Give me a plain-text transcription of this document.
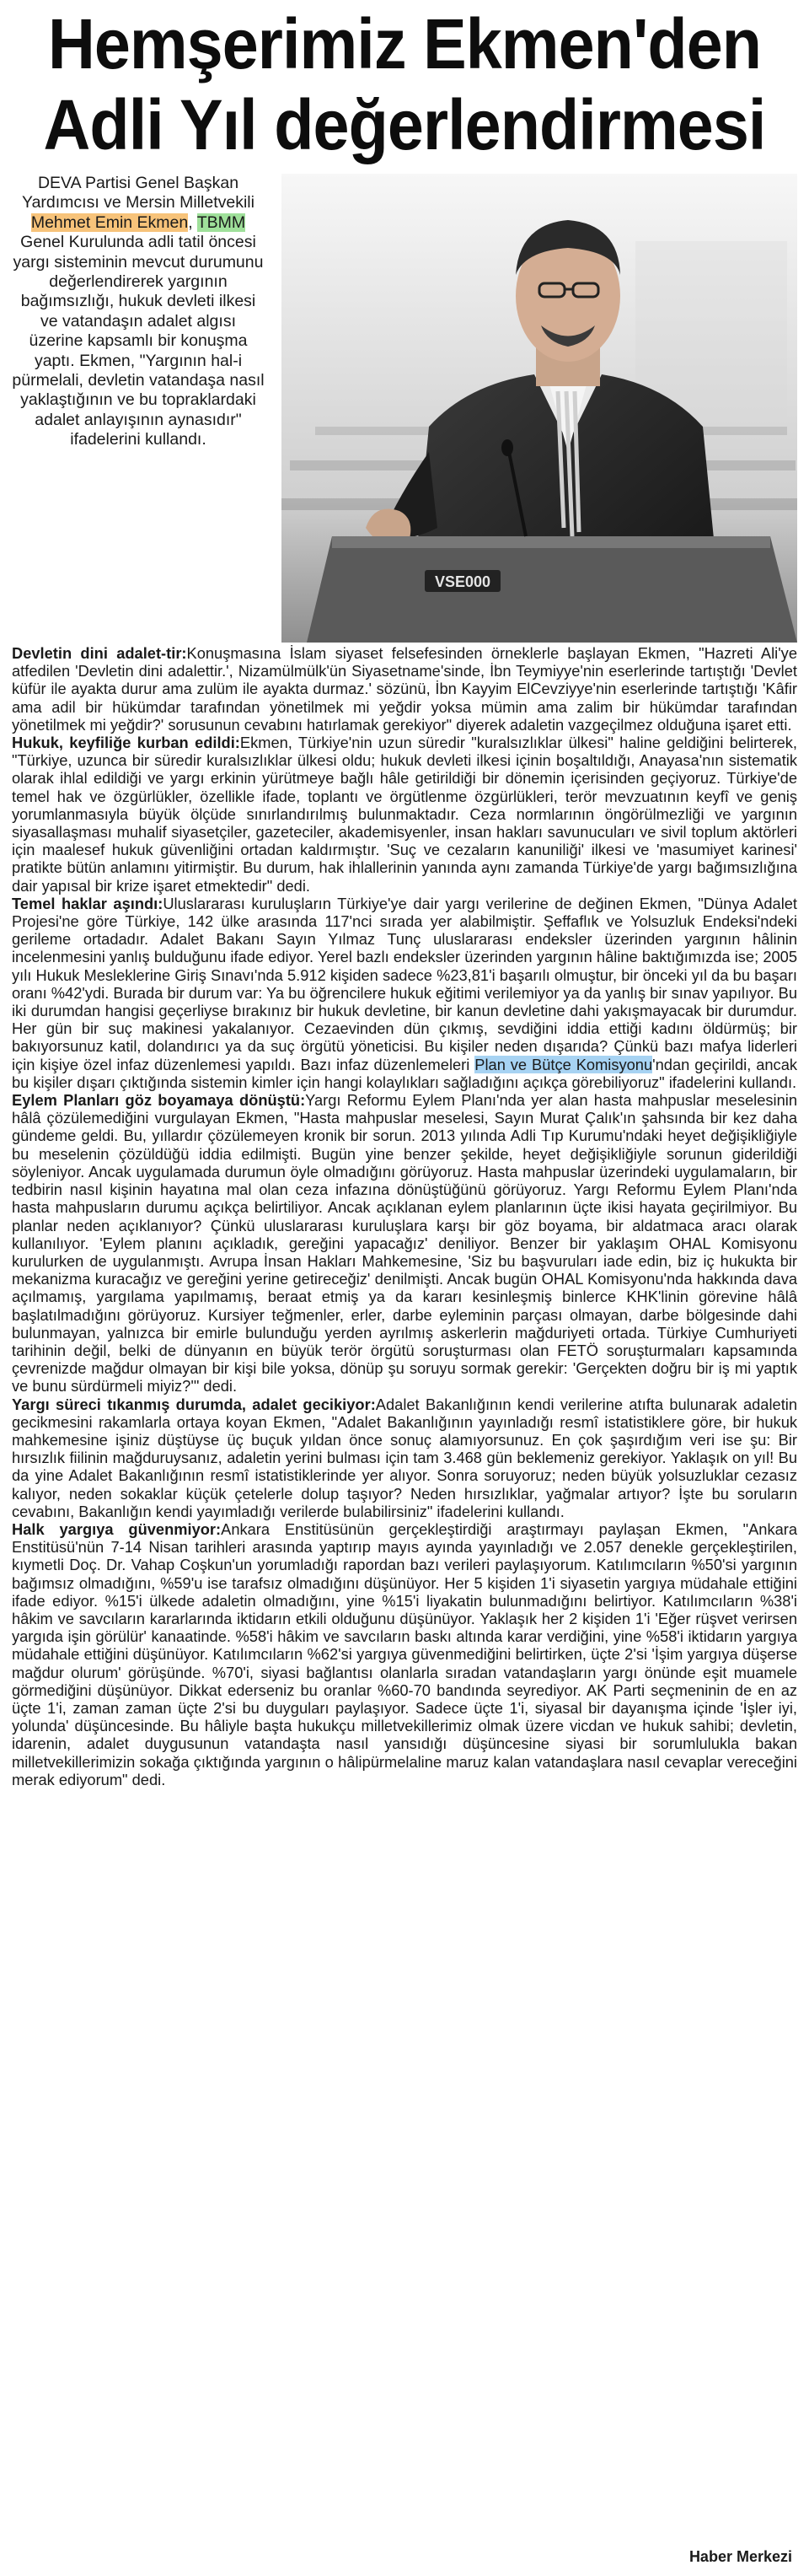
Hemşerimiz Ekmen'den
Adli Yıl değerlendirmesi

DEVA Partisi Genel Başkan Yardımcısı ve Mersin Milletvekili Mehmet Emin Ekmen, TBMM Genel Kurulunda adli tatil öncesi yargı sisteminin mevcut durumunu değerlendirerek yargının bağımsızlığı, hukuk devleti ilkesi ve vatandaşın adalet algısı üzerine kapsamlı bir konuşma yaptı. Ekmen, "Yargının hal-i pürmelali, devletin vatandaşa nasıl yaklaştığının ve bu topraklardaki adalet anlayışının aynasıdır" ifadelerini kullandı.

VSE000

Devletin dini adalet-tir:Konuşmasına İslam siyaset felsefesinden örneklerle başlayan Ekmen, "Hazreti Ali'ye atfedilen 'Devletin dini adalettir.', Nizamülmülk'ün Siyasetname'sinde, İbn Teymiyye'nin eserlerinde tartıştığı 'Devlet küfür ile ayakta durur ama zulüm ile ayakta durmaz.' sözünü, İbn Kayyim ElCevziyye'nin eserlerinde tartıştığı 'Kâfir ama adil bir hükümdar tarafından yönetilmek mi yeğdir yoksa mümin ama zalim bir hükümdar tarafından yönetilmek mi yeğdir?' sorusunun cevabını hatırlamak gerekiyor" diyerek adaletin vazgeçilmez olduğuna işaret etti.

Hukuk, keyfiliğe kurban edildi:Ekmen, Türkiye'nin uzun süredir "kuralsızlıklar ülkesi" haline geldiğini belirterek, "Türkiye, uzunca bir süredir kuralsızlıklar ülkesi oldu; hukuk devleti ilkesi içinin boşaltıldığı, Anayasa'nın sistematik olarak ihlal edildiği ve yargı erkinin yürütmeye bağlı hâle getirildiği bir dönemin içerisinden geçiyoruz. Türkiye'de temel hak ve özgürlükler, özellikle ifade, toplantı ve örgütlenme özgürlükleri, terör mevzuatının keyfî ve geniş yorumlanmasıyla büyük ölçüde sınırlandırılmış bulunmaktadır. Ceza normlarının öngörülmezliği ve yargının siyasallaşması muhalif siyasetçiler, gazeteciler, akademisyenler, insan hakları savunucuları ve sivil toplum aktörleri için maalesef hukuk güvenliğini ortadan kaldırmıştır. 'Suç ve cezaların kanuniliği' ilkesi ve 'masumiyet karinesi' pratikte bütün anlamını yitirmiştir. Bu durum, hak ihlallerinin yanında aynı zamanda Türkiye'de yargı bağımsızlığına dair yapısal bir krize işaret etmektedir" dedi.

Temel haklar aşındı:Uluslararası kuruluşların Türkiye'ye dair yargı verilerine de değinen Ekmen, "Dünya Adalet Projesi'ne göre Türkiye, 142 ülke arasında 117'nci sırada yer alabilmiştir. Şeffaflık ve Yolsuzluk Endeksi'ndeki gerileme ortadadır. Adalet Bakanı Sayın Yılmaz Tunç uluslararası endeksler üzerinden yargının hâlinin incelenmesini yanlış bulduğunu ifade ediyor. Yerel bazlı endeksler üzerinden yargının hâline baktığımızda ise; 2005 yılı Hukuk Mesleklerine Giriş Sınavı'nda 5.912 kişiden sadece %23,81'i başarılı olmuştur, bir önceki yıl da bu başarı oranı %42'ydi. Burada bir durum var: Ya bu öğrencilere hukuk eğitimi verilemiyor ya da yanlış bir sınav yapılıyor. Bu iki durumdan hangisi geçerliyse bırakınız bir hukuk devletine, bir kanun devletine dahi yakışmayacak bir durumdur. Her gün bir suç makinesi yakalanıyor. Cezaevinden dün çıkmış, sevdiğini iddia ettiği kadını öldürmüş; bir bakıyorsunuz katil, dolandırıcı ya da suç örgütü yöneticisi. Bu kişiler neden dışarıda? Çünkü bazı mafya liderleri için kişiye özel infaz düzenlemesi yapıldı. Bazı infaz düzenlemeleri Plan ve Bütçe Komisyonu'ndan geçirildi, ancak bu kişiler dışarı çıktığında sistemin kimler için hangi kolaylıkları sağladığını açıkça görebiliyoruz" ifadelerini kullandı.

Eylem Planları göz boyamaya dönüştü:Yargı Reformu Eylem Planı'nda yer alan hasta mahpuslar meselesinin hâlâ çözülemediğini vurgulayan Ekmen, "Hasta mahpuslar meselesi, Sayın Murat Çalık'ın şahsında bir kez daha gündeme geldi. Bu, yıllardır çözülemeyen kronik bir sorun. 2013 yılında Adli Tıp Kurumu'ndaki heyet değişikliğiyle bu meselenin çözüldüğü iddia edilmişti. Bugün yine benzer şekilde, heyet değişikliğiyle sorunun giderildiği söyleniyor. Ancak uygulamada durumun öyle olmadığını görüyoruz. Hasta mahpuslar üzerindeki uygulamaların, bir tedbirin nasıl kişinin hayatına mal olan ceza infazına dönüştüğünü görüyoruz. Yargı Reformu Eylem Planı'nda hasta mahpusların durumu açıkça belirtiliyor. Ancak açıklanan eylem planlarının üçte ikisi hayata geçirilmiyor. Bu planlar neden açıklanıyor? Çünkü uluslararası kuruluşlara karşı bir göz boyama, bir aldatmaca aracı olarak kullanılıyor. 'Eylem planını açıkladık, gereğini yapacağız' deniliyor. Benzer bir yaklaşım OHAL Komisyonu kurulurken de uygulanmıştı. Avrupa İnsan Hakları Mahkemesine, 'Siz bu başvuruları iade edin, biz iç hukukta bir mekanizma kuracağız ve gereğini yerine getireceğiz' denilmişti. Ancak bugün OHAL Komisyonu'nda hakkında dava açılmamış, yargılama yapılmamış, beraat etmiş ya da kararı kesinleşmiş binlerce KHK'linin görevine hâlâ başlatılmadığını görüyoruz. Kursiyer teğmenler, erler, darbe eyleminin parçası olmayan, darbe bölgesinde dahi bulunmayan, yalnızca bir emirle bulunduğu yerden ayrılmış askerlerin mağduriyeti ortada. Türkiye Cumhuriyeti tarihinin değil, belki de dünyanın en büyük terör örgütü soruşturması olan FETÖ soruşturmaları kapsamında çevrenizde mağdur olmayan bir kişi bile yoksa, dönüp şu soruyu sormak gerekir: 'Gerçekten doğru bir iş mi yaptık ve bunu sürdürmeli miyiz?'" dedi.

Yargı süreci tıkanmış durumda, adalet gecikiyor:Adalet Bakanlığının kendi verilerine atıfta bulunarak adaletin gecikmesini rakamlarla ortaya koyan Ekmen, "Adalet Bakanlığının yayınladığı resmî istatistiklere göre, bir hukuk mahkemesine işiniz düştüyse üç buçuk yıldan önce sonuç alamıyorsunuz. En çok şaşırdığım veri ise şu: Bir hırsızlık fiilinin mağduruysanız, adaletin yerini bulması için tam 3.468 gün beklemeniz gerekiyor. Yaklaşık on yıl! Bu da yine Adalet Bakanlığının resmî istatistiklerinde yer alıyor. Sonra soruyoruz; neden büyük yolsuzluklar cezasız kalıyor, neden sokaklar küçük çetelerle dolup taşıyor? Neden hırsızlıklar, yağmalar artıyor? İşte bu soruların cevabını, Bakanlığın kendi yayımladığı verilerde bulabilirsiniz" ifadelerini kullandı.

Halk yargıya güvenmiyor:Ankara Enstitüsünün gerçekleştirdiği araştırmayı paylaşan Ekmen, "Ankara Enstitüsü'nün 7-14 Nisan tarihleri arasında yaptırıp mayıs ayında yayınladığı ve 2.057 denekle gerçekleştirilen, kıymetli Doç. Dr. Vahap Coşkun'un yorumladığı rapordan bazı verileri paylaşıyorum. Katılımcıların %50'si yargının bağımsız olmadığını, %59'u ise tarafsız olmadığını düşünüyor. Her 5 kişiden 1'i siyasetin yargıya müdahale ettiğini ifade ediyor. %15'i ülkede adaletin olmadığını, yine %15'i liyakatin bulunmadığını belirtiyor. Katılımcıların %38'i hâkim ve savcıların kararlarında iktidarın etkili olduğunu düşünüyor. Yaklaşık her 2 kişiden 1'i 'Eğer rüşvet verirsen yargıda işin görülür' kanaatinde. %58'i hâkim ve savcıların baskı altında karar verdiğini, yine %58'i iktidarın yargıya müdahale ettiğini düşünüyor. Katılımcıların %62'si yargıya güvenmediğini belirtirken, üçte 2'si 'İşim yargıya düşerse mağdur olurum' görüşünde. %70'i, siyasi bağlantısı olanlarla sıradan vatandaşların yargı önünde eşit muamele görmediğini düşünüyor. Dikkat ederseniz bu oranlar %60-70 bandında seyrediyor. AK Parti seçmeninin de en az üçte 1'i, zaman zaman üçte 2'si bu duyguları paylaşıyor. Sadece üçte 1'i, siyasal bir dayanışma içinde 'İşler iyi, yolunda' düşüncesinde. Bu hâliyle başta hukukçu milletvekillerimiz olmak üzere vicdan ve hukuk sahibi; devletin, idarenin, adalet duygusunun vatandaşta nasıl yansıdığı düşüncesine siyasi bir sorumlulukla bakan milletvekillerimizin sokağa çıktığında yargının o hâlipürmelaline maruz kalan vatandaşlara nasıl cevaplar vereceğini merak ediyorum" dedi.

Haber Merkezi
